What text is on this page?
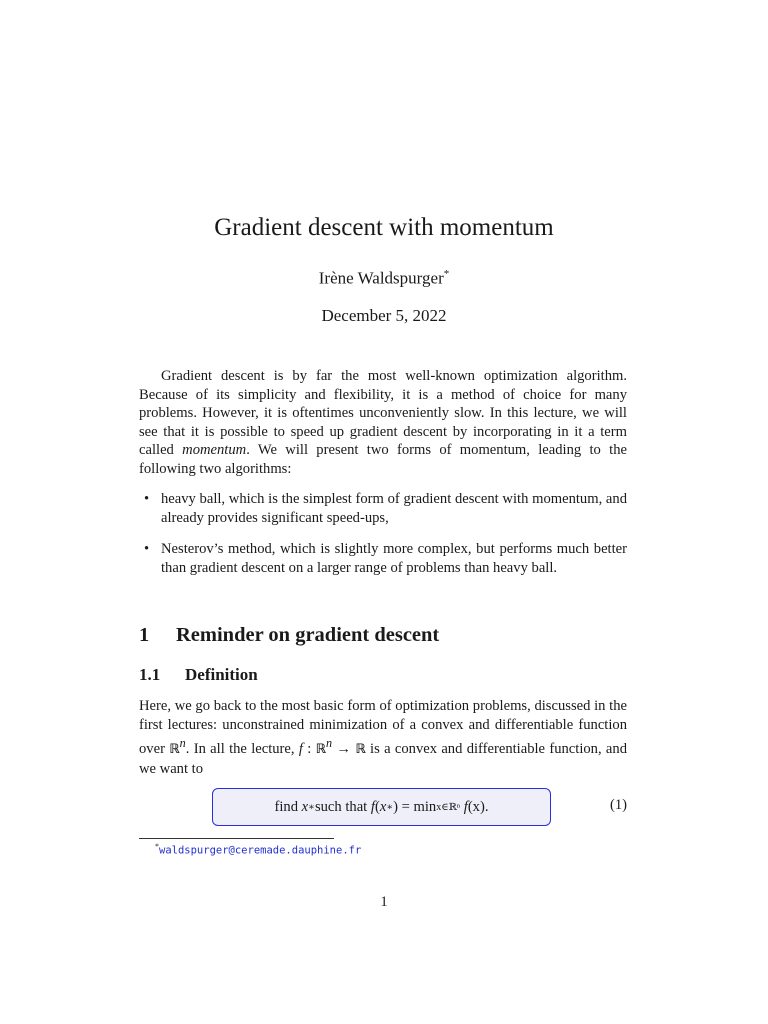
Gradient descent with momentum
Irène Waldspurger*
December 5, 2022
Gradient descent is by far the most well-known optimization algorithm. Because of its simplicity and flexibility, it is a method of choice for many problems. However, it is oftentimes unconveniently slow. In this lecture, we will see that it is possible to speed up gradient descent by incorporating in it a term called momentum. We will present two forms of momentum, leading to the following two algorithms:
• heavy ball, which is the simplest form of gradient descent with momentum, and already provides significant speed-ups,
• Nesterov’s method, which is slightly more complex, but performs much better than gradient descent on a larger range of problems than heavy ball.
1 Reminder on gradient descent
1.1 Definition
Here, we go back to the most basic form of optimization problems, discussed in the first lectures: unconstrained minimization of a convex and differentiable function over ℝ$^n$. In all the lecture, f : ℝ$^n$ → ℝ is a convex and differentiable function, and we want to
find
x ∗ such that
f ( x ∗ ) = min x∈ℝⁿ
f (x).	(1)
*waldspurger@ceremade.dauphine.fr
1
